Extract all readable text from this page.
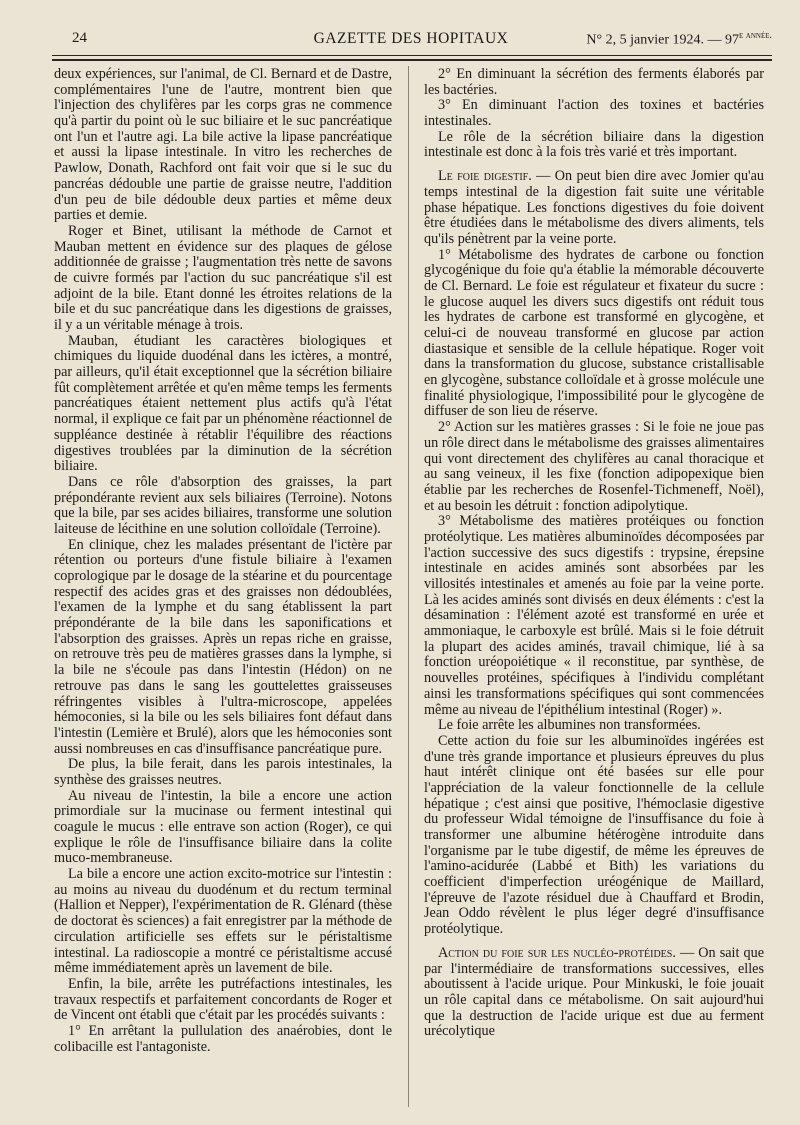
24	GAZETTE DES HOPITAUX	N° 2, 5 janvier 1924. — $97^{e année.}$

deux expériences, sur l'animal, de Cl. Bernard et de Dastre, complémentaires l'une de l'autre, montrent bien que l'injection des chylifères par les corps gras ne commence qu'à partir du point où le suc biliaire et le suc pancréatique ont l'un et l'autre agi. La bile active la lipase pancréatique et aussi la lipase intestinale. In vitro les recherches de Pawlow, Donath, Rachford ont fait voir que si le suc du pancréas dédouble une partie de graisse neutre, l'addition d'un peu de bile dédouble deux parties et même deux parties et demie.

Roger et Binet, utilisant la méthode de Carnot et Mauban mettent en évidence sur des plaques de gélose additionnée de graisse ; l'augmentation très nette de savons de cuivre formés par l'action du suc pancréatique s'il est adjoint de la bile. Etant donné les étroites relations de la bile et du suc pancréatique dans les digestions de graisses, il y a un véritable ménage à trois.

Mauban, étudiant les caractères biologiques et chimiques du liquide duodénal dans les ictères, a montré, par ailleurs, qu'il était exceptionnel que la sécrétion biliaire fût complètement arrêtée et qu'en même temps les ferments pancréatiques étaient nettement plus actifs qu'à l'état normal, il explique ce fait par un phénomène réactionnel de suppléance destinée à rétablir l'équilibre des réactions digestives troublées par la diminution de la sécrétion biliaire.

Dans ce rôle d'absorption des graisses, la part prépondérante revient aux sels biliaires (Terroine). Notons que la bile, par ses acides biliaires, transforme une solution laiteuse de lécithine en une solution colloïdale (Terroine).

En clinique, chez les malades présentant de l'ictère par rétention ou porteurs d'une fistule biliaire à l'examen coprologique par le dosage de la stéarine et du pourcentage respectif des acides gras et des graisses non dédoublées, l'examen de la lymphe et du sang établissent la part prépondérante de la bile dans les saponifications et l'absorption des graisses. Après un repas riche en graisse, on retrouve très peu de matières grasses dans la lymphe, si la bile ne s'écoule pas dans l'intestin (Hédon) on ne retrouve pas dans le sang les gouttelettes graisseuses réfringentes visibles à l'ultra-microscope, appelées hémoconies, si la bile ou les sels biliaires font défaut dans l'intestin (Lemière et Brulé), alors que les hémoconies sont aussi nombreuses en cas d'insuffisance pancréatique pure.

De plus, la bile ferait, dans les parois intestinales, la synthèse des graisses neutres.

Au niveau de l'intestin, la bile a encore une action primordiale sur la mucinase ou ferment intestinal qui coagule le mucus : elle entrave son action (Roger), ce qui explique le rôle de l'insuffisance biliaire dans la colite muco-membraneuse.

La bile a encore une action excito-motrice sur l'intestin : au moins au niveau du duodénum et du rectum terminal (Hallion et Nepper), l'expérimentation de R. Glénard (thèse de doctorat ès sciences) a fait enregistrer par la méthode de circulation artificielle ses effets sur le péristaltisme intestinal. La radioscopie a montré ce péristaltisme accusé même immédiatement après un lavement de bile.

Enfin, la bile, arrête les putréfactions intestinales, les travaux respectifs et parfaitement concordants de Roger et de Vincent ont établi que c'était par les procédés suivants :

1° En arrêtant la pullulation des anaérobies, dont le colibacille est l'antagoniste.

2° En diminuant la sécrétion des ferments élaborés par les bactéries.

3° En diminuant l'action des toxines et bactéries intestinales.

Le rôle de la sécrétion biliaire dans la digestion intestinale est donc à la fois très varié et très important.

Le foie digestif. — On peut bien dire avec Jomier qu'au temps intestinal de la digestion fait suite une véritable phase hépatique. Les fonctions digestives du foie doivent être étudiées dans le métabolisme des divers aliments, tels qu'ils pénètrent par la veine porte.

1° Métabolisme des hydrates de carbone ou fonction glycogénique du foie qu'a établie la mémorable découverte de Cl. Bernard. Le foie est régulateur et fixateur du sucre : le glucose auquel les divers sucs digestifs ont réduit tous les hydrates de carbone est transformé en glycogène, et celui-ci de nouveau transformé en glucose par action diastasique et sensible de la cellule hépatique. Roger voit dans la transformation du glucose, substance cristallisable en glycogène, substance colloïdale et à grosse molécule une finalité physiologique, l'impossibilité pour le glycogène de diffuser de son lieu de réserve.

2° Action sur les matières grasses : Si le foie ne joue pas un rôle direct dans le métabolisme des graisses alimentaires qui vont directement des chylifères au canal thoracique et au sang veineux, il les fixe (fonction adipopexique bien établie par les recherches de Rosenfel-Tichmeneff, Noël), et au besoin les détruit : fonction adipolytique.

3° Métabolisme des matières protéiques ou fonction protéolytique. Les matières albuminoïdes décomposées par l'action successive des sucs digestifs : trypsine, érepsine intestinale en acides aminés sont absorbées par les villosités intestinales et amenés au foie par la veine porte. Là les acides aminés sont divisés en deux éléments : c'est la désamination : l'élément azoté est transformé en urée et ammoniaque, le carboxyle est brûlé. Mais si le foie détruit la plupart des acides aminés, travail chimique, lié à sa fonction uréopoiétique « il reconstitue, par synthèse, de nouvelles protéines, spécifiques à l'individu complétant ainsi les transformations spécifiques qui sont commencées même au niveau de l'épithélium intestinal (Roger) ».

Le foie arrête les albumines non transformées.

Cette action du foie sur les albuminoïdes ingérées est d'une très grande importance et plusieurs épreuves du plus haut intérêt clinique ont été basées sur elle pour l'appréciation de la valeur fonctionnelle de la cellule hépatique ; c'est ainsi que positive, l'hémoclasie digestive du professeur Widal témoigne de l'insuffisance du foie à transformer une albumine hétérogène introduite dans l'organisme par le tube digestif, de même les épreuves de l'amino-acidurée (Labbé et Bith) les variations du coefficient d'imperfection uréogénique de Maillard, l'épreuve de l'azote résiduel due à Chauffard et Brodin, Jean Oddo révèlent le plus léger degré d'insuffisance protéolytique.

Action du foie sur les nucléo-protéides. — On sait que par l'intermédiaire de transformations successives, elles aboutissent à l'acide urique. Pour Minkuski, le foie jouait un rôle capital dans ce métabolisme. On sait aujourd'hui que la destruction de l'acide urique est due au ferment urécolytique
